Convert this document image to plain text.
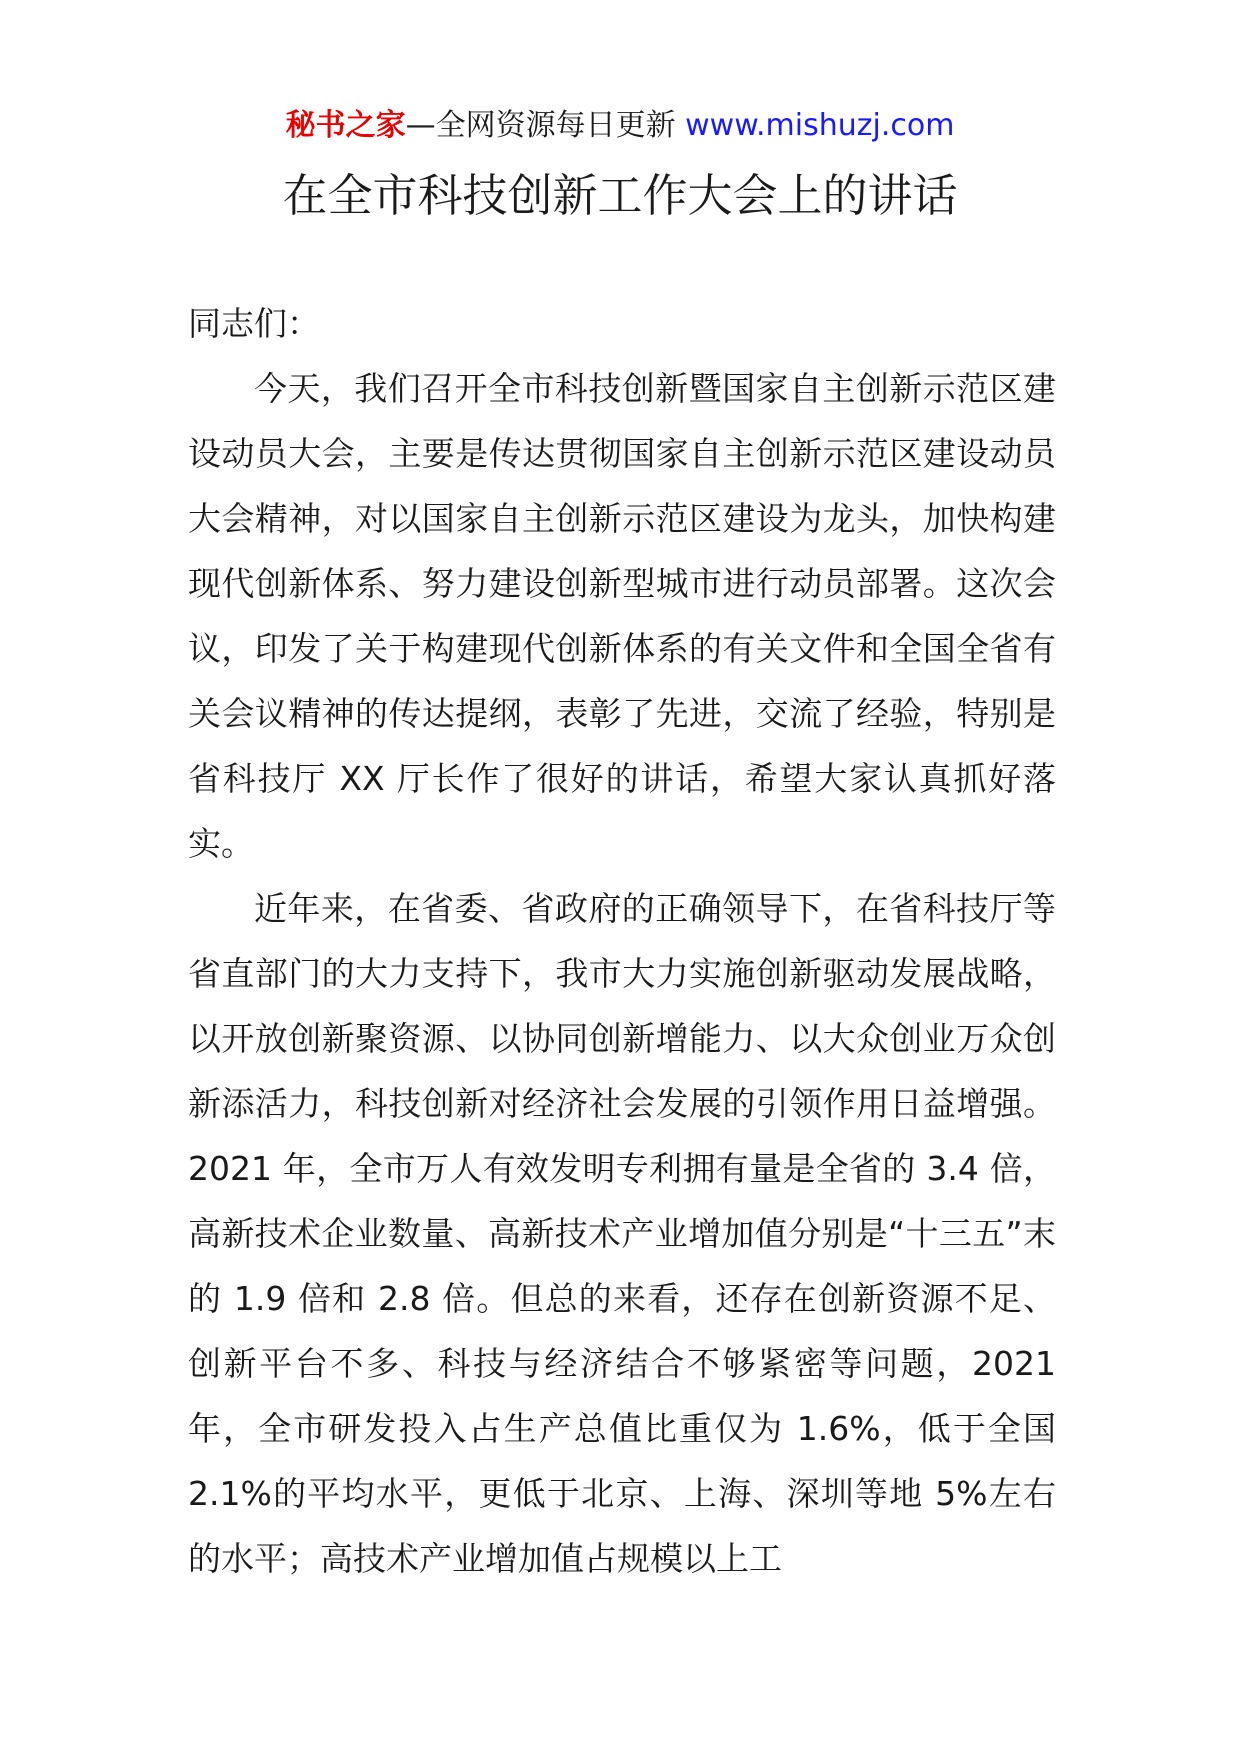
秘书之家—全网资源每日更新 www.mishuzj.com
在全市科技创新工作大会上的讲话

同志们：

今天，我们召开全市科技创新暨国家自主创新示范区建设动员大会，主要是传达贯彻国家自主创新示范区建设动员大会精神，对以国家自主创新示范区建设为龙头，加快构建现代创新体系、努力建设创新型城市进行动员部署。这次会议，印发了关于构建现代创新体系的有关文件和全国全省有关会议精神的传达提纲，表彰了先进，交流了经验，特别是省科技厅 XX 厅长作了很好的讲话，希望大家认真抓好落实。

近年来，在省委、省政府的正确领导下，在省科技厅等省直部门的大力支持下，我市大力实施创新驱动发展战略，以开放创新聚资源、以协同创新增能力、以大众创业万众创新添活力，科技创新对经济社会发展的引领作用日益增强。2021 年，全市万人有效发明专利拥有量是全省的 3.4 倍，高新技术企业数量、高新技术产业增加值分别是“十三五”末的 1.9 倍和 2.8 倍。但总的来看，还存在创新资源不足、创新平台不多、科技与经济结合不够紧密等问题，2021 年，全市研发投入占生产总值比重仅为 1.6%，低于全国 2.1%的平均水平，更低于北京、上海、深圳等地 5%左右的水平；高技术产业增加值占规模以上工
